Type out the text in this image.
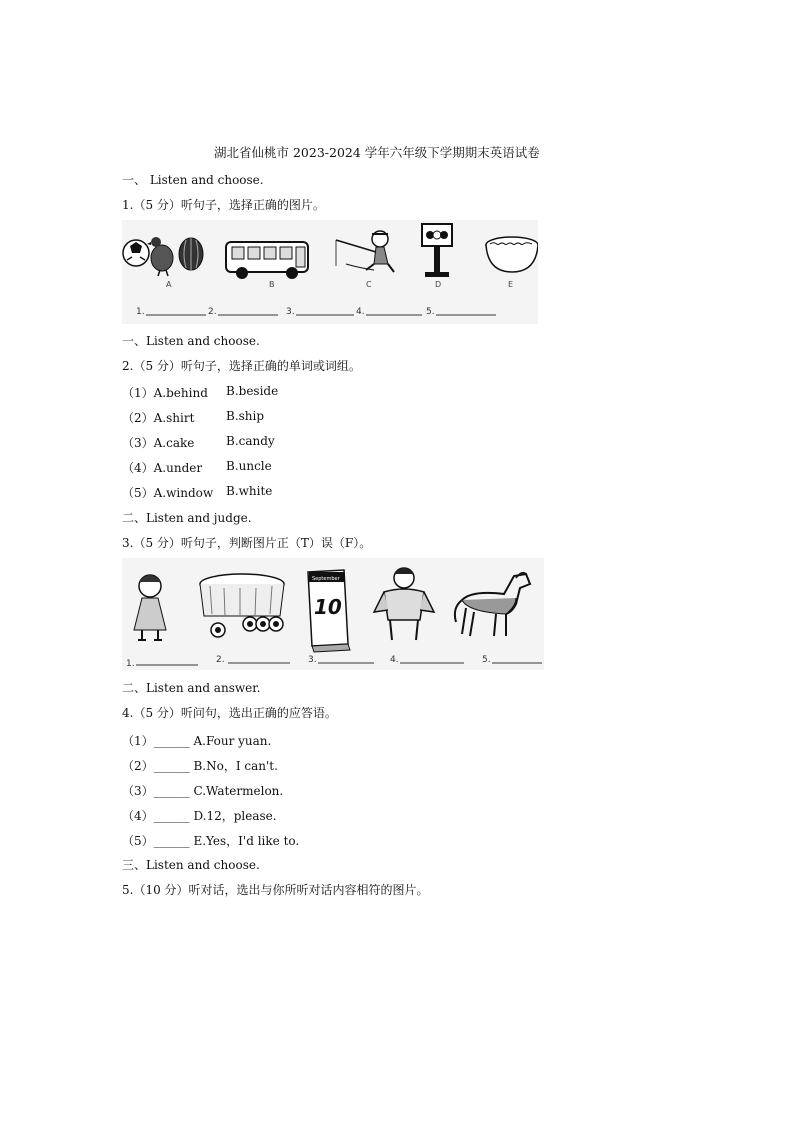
湖北省仙桃市 2023-2024 学年六年级下学期期末英语试卷
一、 Listen and choose.
1.（5 分）听句子，选择正确的图片。
A	B	C	D	E
1.	2.	3.	4.	5.
一、Listen and choose.
2.（5 分）听句子，选择正确的单词或词组。
（1）A.behind B.beside
（2）A.shirt	B.ship
（3）A.cake	B.candy
（4）A.under B.uncle
（5）A.window B.white
二、Listen and judge.
3.（5 分）听句子，判断图片正（T）误（F）。
September
10
1.	2.	3.	4.	5.
二、Listen and answer.
4.（5 分）听问句，选出正确的应答语。
（1）______ A.Four yuan.
（2）______ B.No，I can't.
（3）______ C.Watermelon.
（4）______ D.12，please.
（5）______ E.Yes，I'd like to.
三、Listen and choose.
5.（10 分）听对话，选出与你所听对话内容相符的图片。
